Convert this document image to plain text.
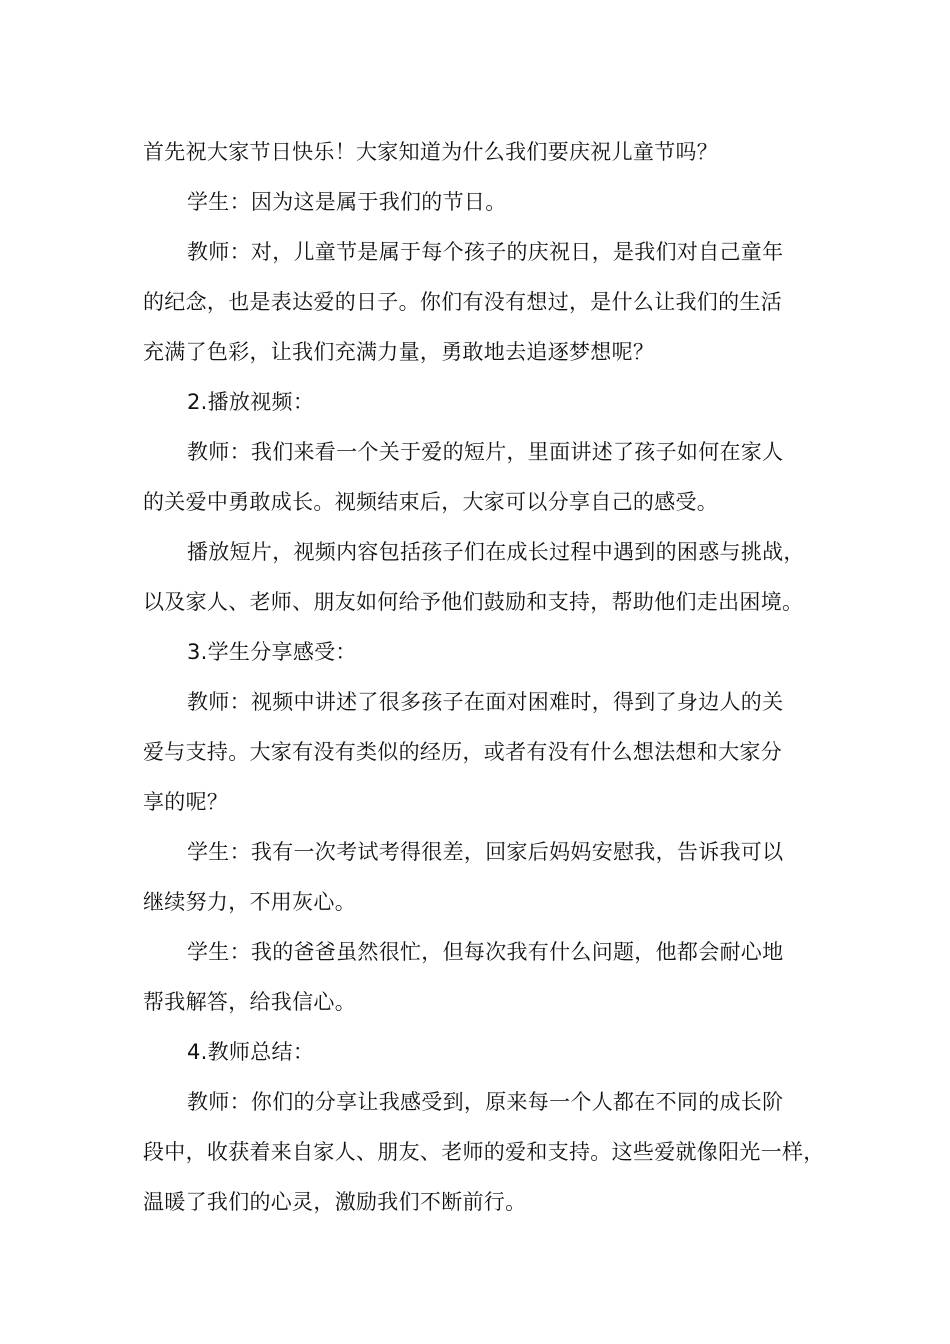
首先祝大家节日快乐！大家知道为什么我们要庆祝儿童节吗？
学生：因为这是属于我们的节日。
教师：对，儿童节是属于每个孩子的庆祝日，是我们对自己童年
的纪念，也是表达爱的日子。你们有没有想过，是什么让我们的生活
充满了色彩，让我们充满力量，勇敢地去追逐梦想呢？
2.播放视频：
教师：我们来看一个关于爱的短片，里面讲述了孩子如何在家人
的关爱中勇敢成长。视频结束后，大家可以分享自己的感受。
播放短片，视频内容包括孩子们在成长过程中遇到的困惑与挑战，
以及家人、老师、朋友如何给予他们鼓励和支持，帮助他们走出困境。
3.学生分享感受：
教师：视频中讲述了很多孩子在面对困难时，得到了身边人的关
爱与支持。大家有没有类似的经历，或者有没有什么想法想和大家分
享的呢？
学生：我有一次考试考得很差，回家后妈妈安慰我，告诉我可以
继续努力，不用灰心。
学生：我的爸爸虽然很忙，但每次我有什么问题，他都会耐心地
帮我解答，给我信心。
4.教师总结：
教师：你们的分享让我感受到，原来每一个人都在不同的成长阶
段中，收获着来自家人、朋友、老师的爱和支持。这些爱就像阳光一样，
温暖了我们的心灵，激励我们不断前行。
